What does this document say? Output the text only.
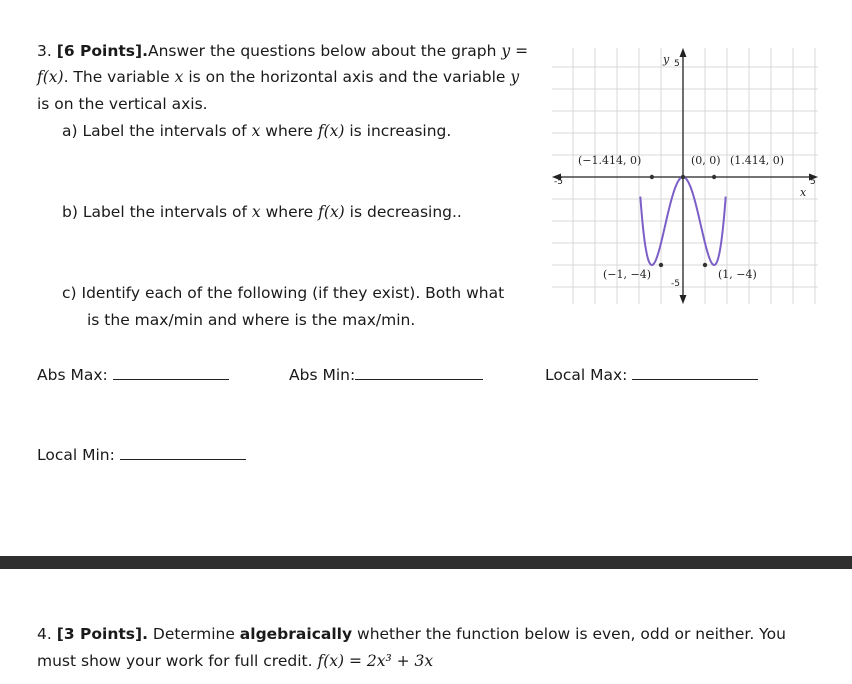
3. [6 Points].Answer the questions below about the graph y =
f(x). The variable x is on the horizontal axis and the variable y
is on the vertical axis.
a) Label the intervals of x where f(x) is increasing.
b) Label the intervals of x where f(x) is decreasing..
c) Identify each of the following (if they exist). Both what
is the max/min and where is the max/min.
Abs Max:	Abs Min:	Local Max:
Local Min:
y
x
5
-5
-5	5
(−1.414, 0)	(0, 0) (1.414, 0)
(−1, −4)	(1, −4)
4. [3 Points]. Determine algebraically whether the function below is even, odd or neither. You
must show your work for full credit. f(x) = 2x³ + 3x
